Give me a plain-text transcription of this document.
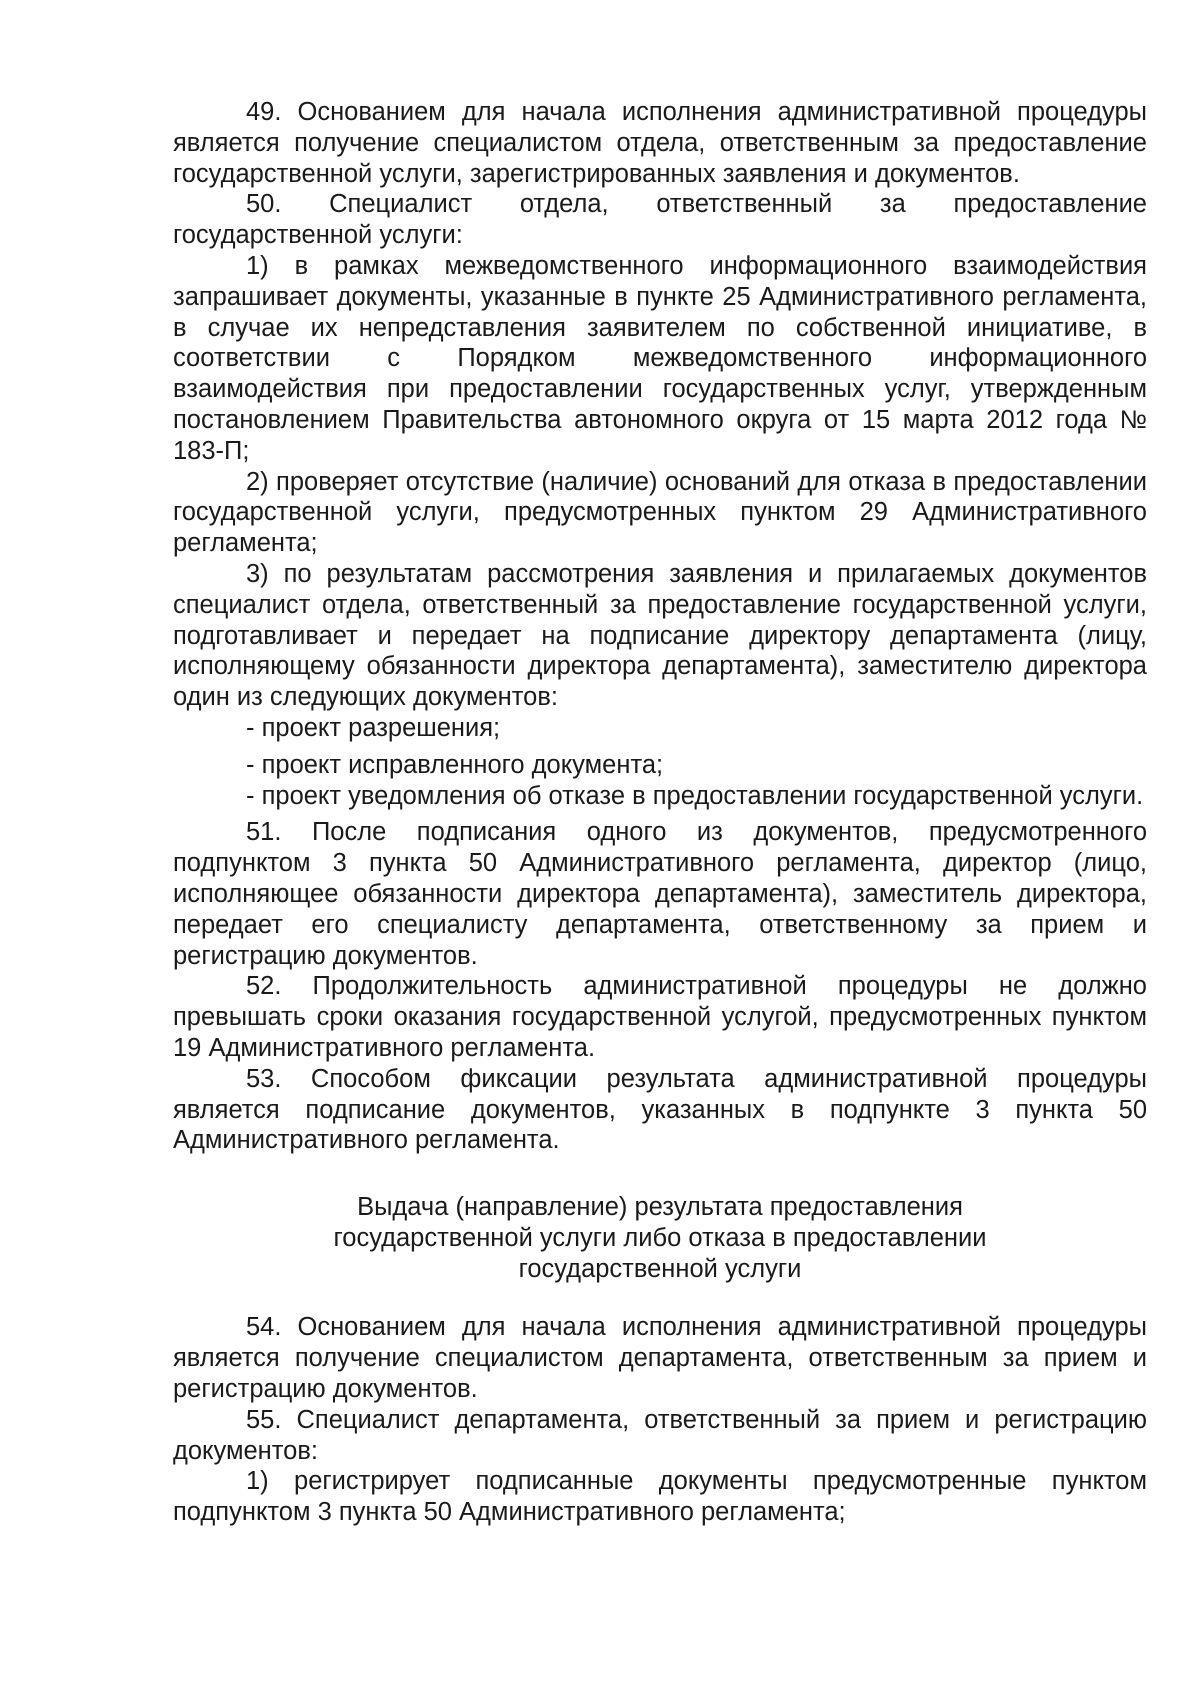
49. Основанием для начала исполнения административной процедуры является получение специалистом отдела, ответственным за предоставление государственной услуги, зарегистрированных заявления и документов.

50. Специалист отдела, ответственный за предоставление государственной услуги:

1) в рамках межведомственного информационного взаимодействия запрашивает документы, указанные в пункте 25 Административного регламента, в случае их непредставления заявителем по собственной инициативе, в соответствии с Порядком межведомственного информационного взаимодействия при предоставлении государственных услуг, утвержденным постановлением Правительства автономного округа от 15 марта 2012 года № 183-П;

2) проверяет отсутствие (наличие) оснований для отказа в предоставлении государственной услуги, предусмотренных пунктом 29 Административного регламента;

3) по результатам рассмотрения заявления и прилагаемых документов специалист отдела, ответственный за предоставление государственной услуги, подготавливает и передает на подписание директору департамента (лицу, исполняющему обязанности директора департамента), заместителю директора один из следующих документов:

- проект разрешения;

- проект исправленного документа;

- проект уведомления об отказе в предоставлении государственной услуги.

51. После подписания одного из документов, предусмотренного подпунктом 3 пункта 50 Административного регламента, директор (лицо, исполняющее обязанности директора департамента), заместитель директора, передает его специалисту департамента, ответственному за прием и регистрацию документов.

52. Продолжительность административной процедуры не должно превышать сроки оказания государственной услугой, предусмотренных пунктом 19 Административного регламента.

53. Способом фиксации результата административной процедуры является подписание документов, указанных в подпункте 3 пункта 50 Административного регламента.

Выдача (направление) результата предоставления государственной услуги либо отказа в предоставлении государственной услуги

54. Основанием для начала исполнения административной процедуры является получение специалистом департамента, ответственным за прием и регистрацию документов.

55. Специалист департамента, ответственный за прием и регистрацию документов:

1) регистрирует подписанные документы предусмотренные пунктом подпунктом 3 пункта 50 Административного регламента;
